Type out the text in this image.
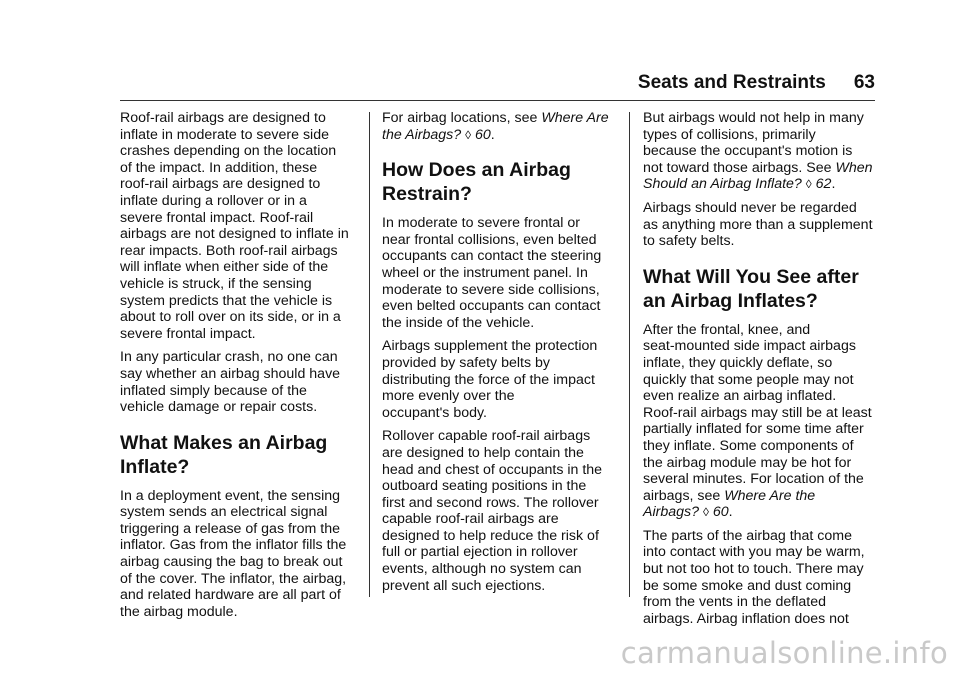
Seats and Restraints 63

Roof-rail airbags are designed to
inflate in moderate to severe side
crashes depending on the location
of the impact. In addition, these
roof-rail airbags are designed to
inflate during a rollover or in a
severe frontal impact. Roof-rail
airbags are not designed to inflate in
rear impacts. Both roof-rail airbags
will inflate when either side of the
vehicle is struck, if the sensing
system predicts that the vehicle is
about to roll over on its side, or in a
severe frontal impact.

In any particular crash, no one can
say whether an airbag should have
inflated simply because of the
vehicle damage or repair costs.

What Makes an Airbag
Inflate?

In a deployment event, the sensing
system sends an electrical signal
triggering a release of gas from the
inflator. Gas from the inflator fills the
airbag causing the bag to break out
of the cover. The inflator, the airbag,
and related hardware are all part of
the airbag module.

For airbag locations, see Where Are
the Airbags? ◊ 60.

How Does an Airbag
Restrain?

In moderate to severe frontal or
near frontal collisions, even belted
occupants can contact the steering
wheel or the instrument panel. In
moderate to severe side collisions,
even belted occupants can contact
the inside of the vehicle.

Airbags supplement the protection
provided by safety belts by
distributing the force of the impact
more evenly over the
occupant's body.

Rollover capable roof-rail airbags
are designed to help contain the
head and chest of occupants in the
outboard seating positions in the
first and second rows. The rollover
capable roof-rail airbags are
designed to help reduce the risk of
full or partial ejection in rollover
events, although no system can
prevent all such ejections.

But airbags would not help in many
types of collisions, primarily
because the occupant's motion is
not toward those airbags. See When
Should an Airbag Inflate? ◊ 62.

Airbags should never be regarded
as anything more than a supplement
to safety belts.

What Will You See after
an Airbag Inflates?

After the frontal, knee, and
seat-mounted side impact airbags
inflate, they quickly deflate, so
quickly that some people may not
even realize an airbag inflated.
Roof-rail airbags may still be at least
partially inflated for some time after
they inflate. Some components of
the airbag module may be hot for
several minutes. For location of the
airbags, see Where Are the
Airbags? ◊ 60.

The parts of the airbag that come
into contact with you may be warm,
but not too hot to touch. There may
be some smoke and dust coming
from the vents in the deflated
airbags. Airbag inflation does not

carmanualsonline.info
